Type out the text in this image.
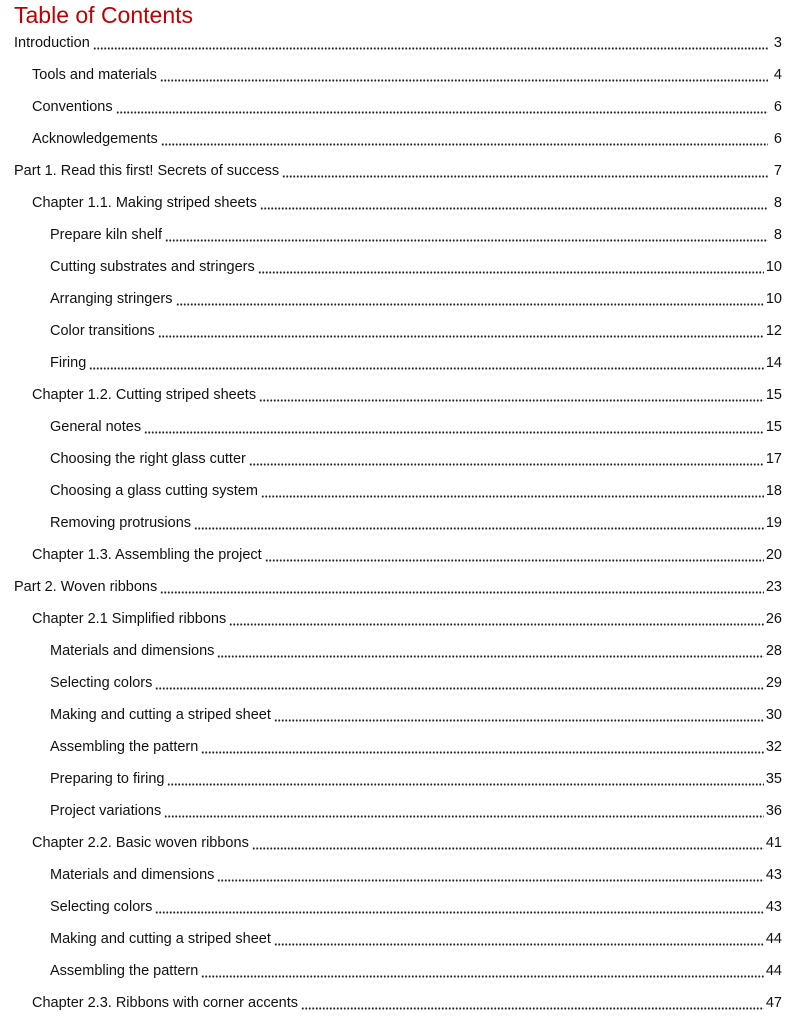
Table of Contents
Introduction	3
Tools and materials	4
Conventions	6
Acknowledgements	6
Part 1. Read this first! Secrets of success	7
Chapter 1.1. Making striped sheets	8
Prepare kiln shelf	8
Cutting substrates and stringers	10
Arranging stringers	10
Color transitions	12
Firing	14
Chapter 1.2. Cutting striped sheets	15
General notes	15
Choosing the right glass cutter	17
Choosing a glass cutting system	18
Removing protrusions	19
Chapter 1.3. Assembling the project	20
Part 2. Woven ribbons	23
Chapter 2.1 Simplified ribbons	26
Materials and dimensions	28
Selecting colors	29
Making and cutting a striped sheet	30
Assembling the pattern	32
Preparing to firing	35
Project variations	36
Chapter 2.2. Basic woven ribbons	41
Materials and dimensions	43
Selecting colors	43
Making and cutting a striped sheet	44
Assembling the pattern	44
Chapter 2.3. Ribbons with corner accents	47
